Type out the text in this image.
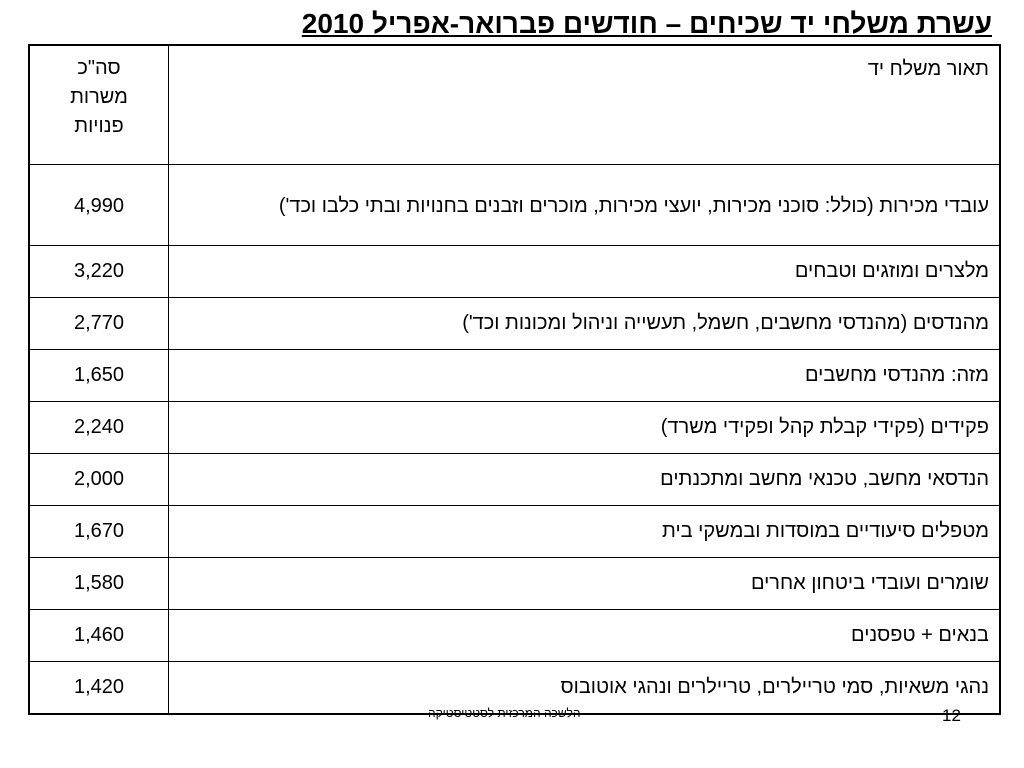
עשרת משלחי יד שכיחים – חודשים פברואר-אפריל 2010
תאור משלח יד	סה"כ
משרות
פנויות

עובדי מכירות (כולל: סוכני מכירות, יועצי מכירות, מוכרים וזבנים בחנויות ובתי כלבו וכד')	4,990
מלצרים ומוזגים וטבחים	3,220
מהנדסים (מהנדסי מחשבים, חשמל, תעשייה וניהול ומכונות וכד')	2,770
מזה: מהנדסי מחשבים	1,650
פקידים (פקידי קבלת קהל ופקידי משרד)	2,240
הנדסאי מחשב, טכנאי מחשב ומתכנתים	2,000
מטפלים סיעודיים במוסדות ובמשקי בית	1,670
שומרים ועובדי ביטחון אחרים	1,580
בנאים + טפסנים	1,460
נהגי משאיות, סמי טריילרים, טריילרים ונהגי אוטובוס	1,420
הלשכה המרכזית לסטטיסטיקה	12
